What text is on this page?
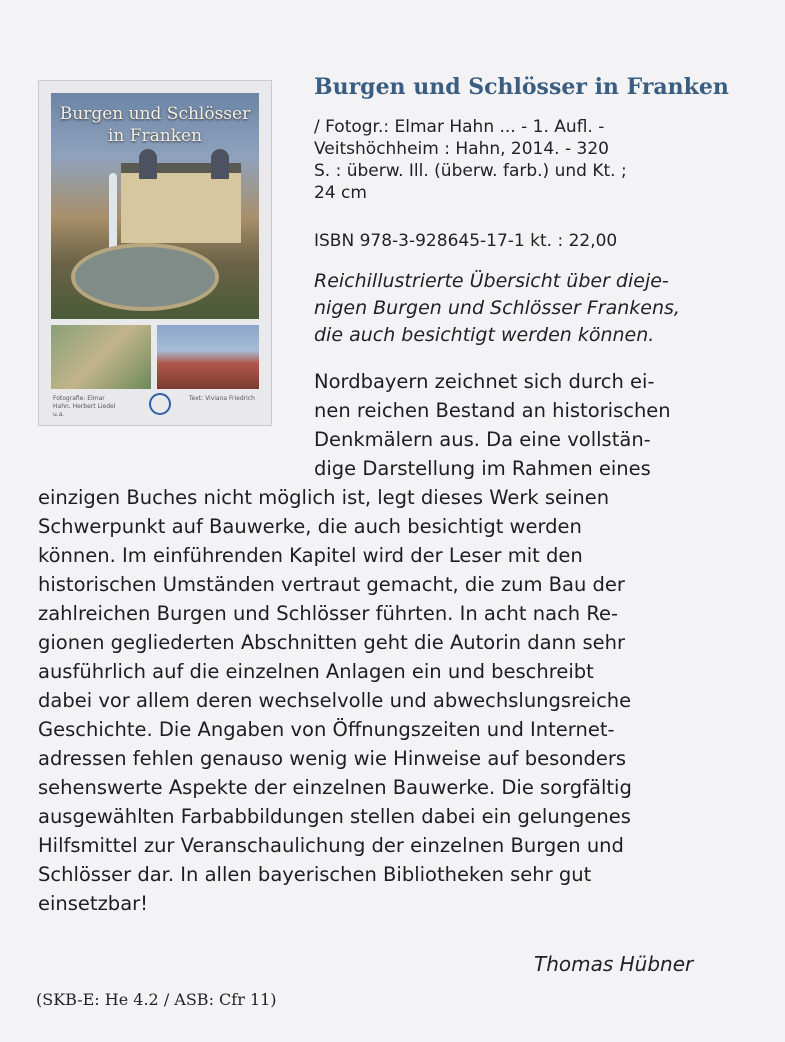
Burgen und Schlösser
in Franken
Fotografie: Elmar Hahn, Herbert Liedel u.a.
Text: Viviana Friedrich
Burgen und Schlösser in Franken
/ Fotogr.: Elmar Hahn ... - 1. Aufl. -
Veitshöchheim : Hahn, 2014. - 320
S. : überw. Ill. (überw. farb.) und Kt. ;
24 cm
ISBN 978-3-928645-17-1 kt. : 22,00
Reichillustrierte Übersicht über dieje-
nigen Burgen und Schlösser Frankens,
die auch besichtigt werden können.
Nordbayern zeichnet sich durch ei-
nen reichen Bestand an historischen
Denkmälern aus. Da eine vollstän-
dige Darstellung im Rahmen eines
einzigen Buches nicht möglich ist, legt dieses Werk seinen
Schwerpunkt auf Bauwerke, die auch besichtigt werden
können. Im einführenden Kapitel wird der Leser mit den
historischen Umständen vertraut gemacht, die zum Bau der
zahlreichen Burgen und Schlösser führten. In acht nach Re-
gionen gegliederten Abschnitten geht die Autorin dann sehr
ausführlich auf die einzelnen Anlagen ein und beschreibt
dabei vor allem deren wechselvolle und abwechslungsreiche
Geschichte. Die Angaben von Öffnungszeiten und Internet-
adressen fehlen genauso wenig wie Hinweise auf besonders
sehenswerte Aspekte der einzelnen Bauwerke. Die sorgfältig
ausgewählten Farbabbildungen stellen dabei ein gelungenes
Hilfsmittel zur Veranschaulichung der einzelnen Burgen und
Schlösser dar. In allen bayerischen Bibliotheken sehr gut
einsetzbar!
Thomas Hübner
(SKB-E: He 4.2 / ASB: Cfr 11)
